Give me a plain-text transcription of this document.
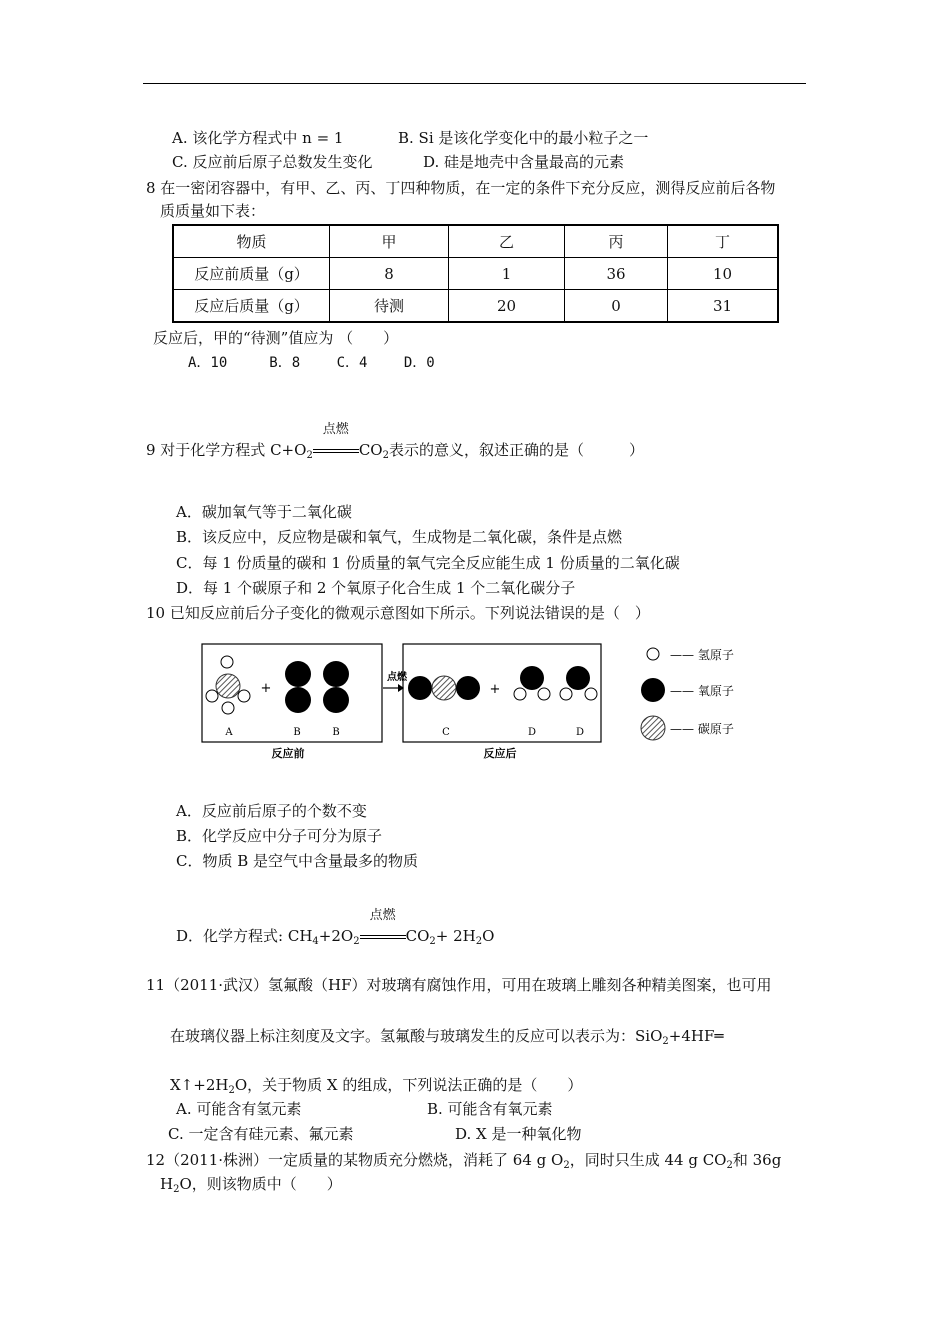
A. 该化学方程式中 n = 1	B. Si 是该化学变化中的最小粒子之一
C. 反应前后原子总数发生变化	D. 硅是地壳中含量最高的元素
8 在一密闭容器中，有甲、乙、丙、丁四种物质，在一定的条件下充分反应，测得反应前后各物
质质量如下表：
物质	甲	乙	丙	丁
反应前质量（g）	8	1	36	10
反应后质量（g）	待测	20	0	31
反应后，甲的“待测”值应为 （　　）
A．10　　　B．8　　 C．4　　 D．0
9 对于化学方程式 $C+O_2$
点燃
$CO_2$表示的意义，叙述正确的是（　　　）
A．碳加氧气等于二氧化碳
B．该反应中，反应物是碳和氧气，生成物是二氧化碳，条件是点燃
C．每 1 份质量的碳和 1 份质量的氧气完全反应能生成 1 份质量的二氧化碳
D．每 1 个碳原子和 2 个氧原子化合生成 1 个二氧化碳分子
10 已知反应前后分子变化的微观示意图如下所示。下列说法错误的是（　）
+
A	B	B
反应前
点燃
+
C	D	D
反应后
—— 氢原子
—— 氧原子
—— 碳原子
A．反应前后原子的个数不变
B．化学反应中分子可分为原子
C．物质 B 是空气中含量最多的物质
D．化学方程式: $CH_4+2O_2$
点燃
$CO_2+ 2H_2O$
11（2011·武汉）氢氟酸（HF）对玻璃有腐蚀作用，可用在玻璃上雕刻各种精美图案，也可用
在玻璃仪器上标注刻度及文字。氢氟酸与玻璃发生的反应可以表示为：SiO$_2$+4HF═
$X↑+2H_2O$，关于物质 X 的组成，下列说法正确的是（　　）
A. 可能含有氢元素	B. 可能含有氧元素
C. 一定含有硅元素、氟元素	D. X 是一种氧化物
12（2011·株洲）一定质量的某物质充分燃烧，消耗了 64 g $O_2$，同时只生成 44 g $CO_2$和 36g
$H_2O$，则该物质中（　　）
